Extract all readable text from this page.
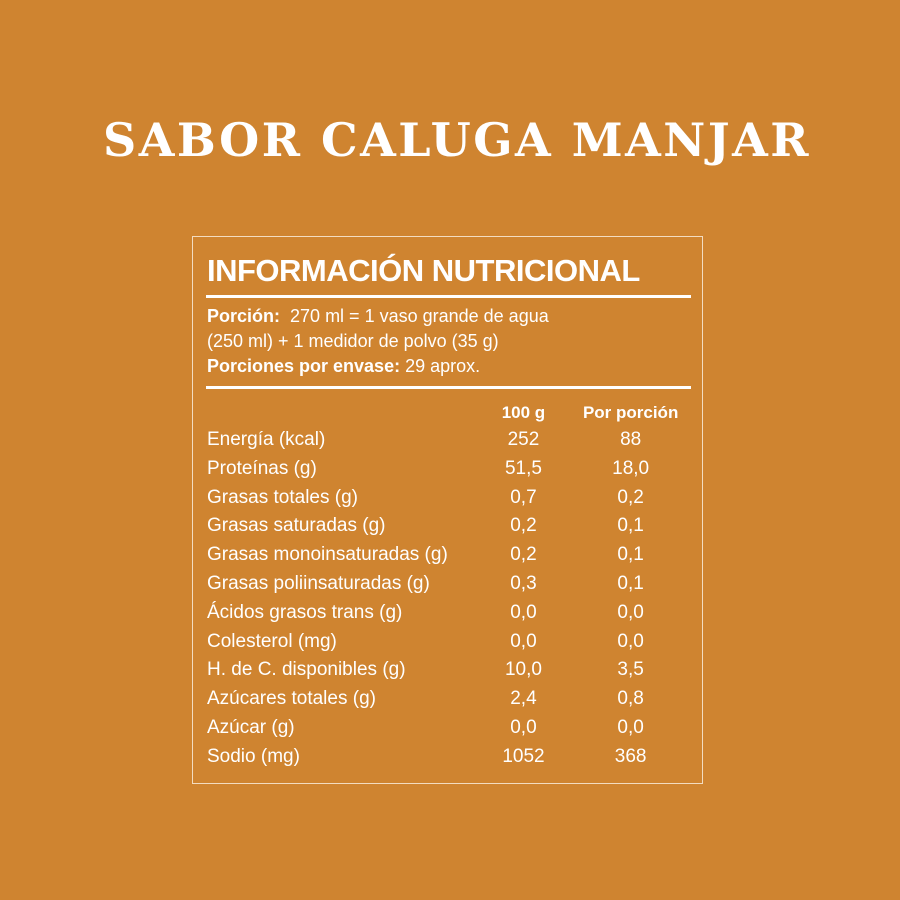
SABOR CALUGA MANJAR
INFORMACIÓN NUTRICIONAL
Porción: 270 ml = 1 vaso grande de agua
(250 ml) + 1 medidor de polvo (35 g)
Porciones por envase: 29 aprox.
	100 g	Por porción
Energía (kcal)	252	88
Proteínas (g)	51,5	18,0
Grasas totales (g)	0,7	0,2
Grasas saturadas (g)	0,2	0,1
Grasas monoinsaturadas (g)	0,2	0,1
Grasas poliinsaturadas (g)	0,3	0,1
Ácidos grasos trans (g)	0,0	0,0
Colesterol (mg)	0,0	0,0
H. de C. disponibles (g)	10,0	3,5
Azúcares totales (g)	2,4	0,8
Azúcar (g)	0,0	0,0
Sodio (mg)	1052	368
